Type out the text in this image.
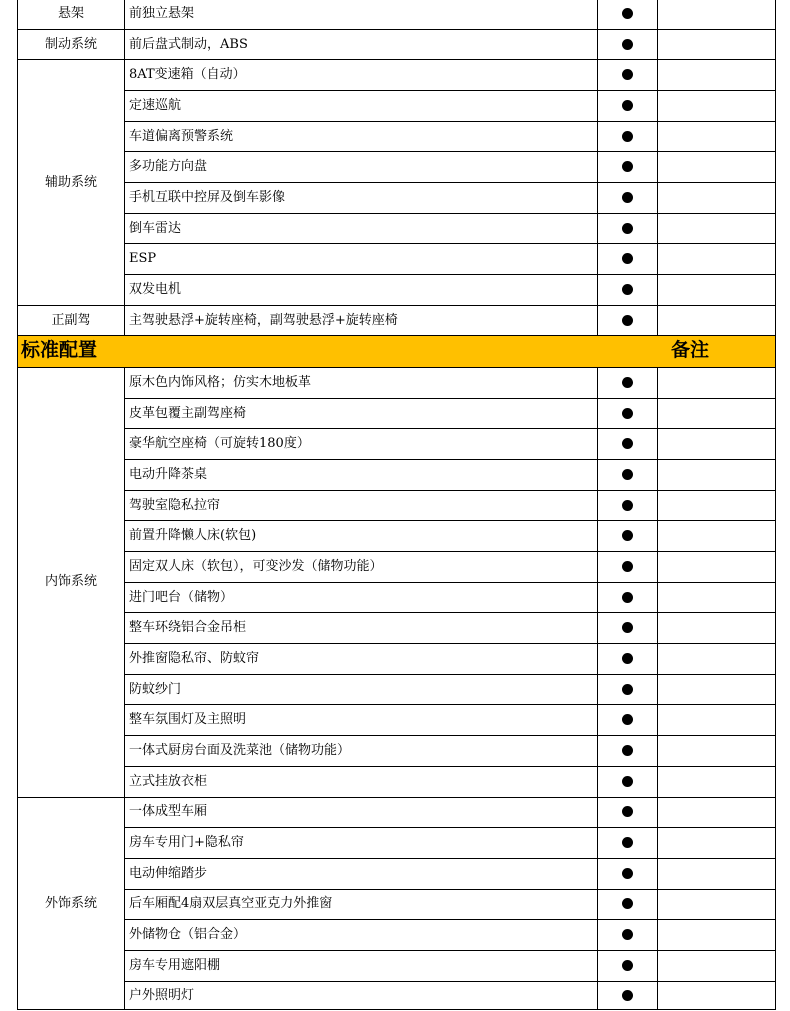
标准配置	备注
前独立悬架
悬架
前后盘式制动，ABS
制动系统
8AT变速箱（自动）
定速巡航
车道偏离预警系统
多功能方向盘
手机互联中控屏及倒车影像
倒车雷达
ESP
双发电机
辅助系统
主驾驶悬浮+旋转座椅，副驾驶悬浮+旋转座椅
正副驾
原木色内饰风格；仿实木地板革
皮革包覆主副驾座椅
豪华航空座椅（可旋转180度）
电动升降茶桌
驾驶室隐私拉帘
前置升降懒人床(软包)
固定双人床（软包），可变沙发（储物功能）
进门吧台（储物）
整车环绕铝合金吊柜
外推窗隐私帘、防蚊帘
防蚊纱门
整车氛围灯及主照明
一体式厨房台面及洗菜池（储物功能）
立式挂放衣柜
内饰系统
一体成型车厢
房车专用门+隐私帘
电动伸缩踏步
后车厢配4扇双层真空亚克力外推窗
外储物仓（铝合金）
房车专用遮阳棚
户外照明灯
外饰系统
